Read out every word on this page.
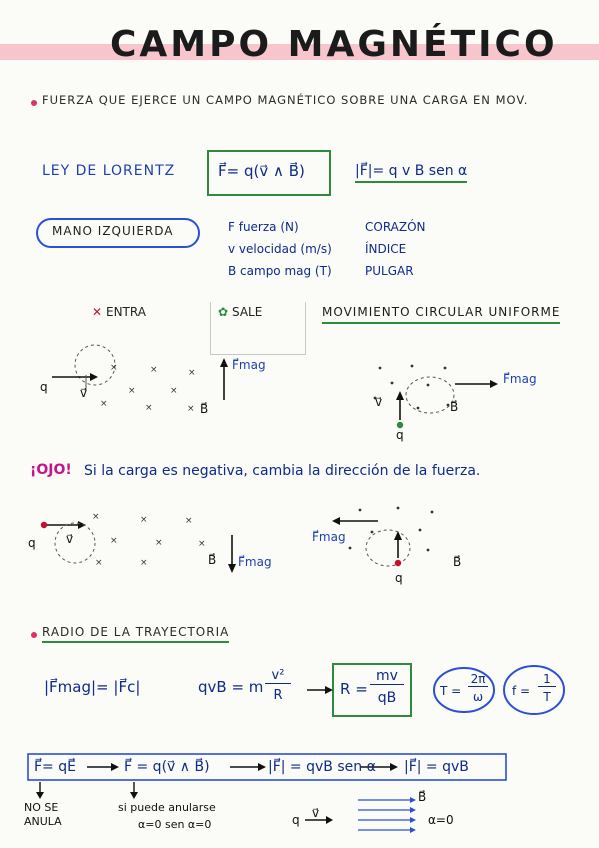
CAMPO MAGNÉTICO
FUERZA QUE EJERCE UN CAMPO MAGNÉTICO SOBRE UNA CARGA EN MOV.
LEY DE LORENTZ	F⃗= q(v⃗ ∧ B⃗)	|F⃗|= q v B sen α
MANO IZQUIERDA	F fuerza (N)	CORAZÓN
v velocidad (m/s)	ÍNDICE
B campo mag (T)	PULGAR
✕ ENTRA	✿ SALE	MOVIMIENTO CIRCULAR UNIFORME
×	×	×
×	×
×	×	×
×	×	×
×	×	×
×	×
F⃗mag
q	v⃗
B⃗
F⃗mag
v⃗	B⃗
q
¡OJO! Si la carga es negativa, cambia la dirección de la fuerza.
q	v⃗
B⃗ F⃗mag
F⃗mag
q
B⃗
RADIO DE LA TRAYECTORIA
|F⃗mag|= |F⃗c|	qvB = m
v²
R	R =
mv
qB	T =
2π
ω	f =
1
T
F⃗= qE⃗	F⃗ = q(v⃗ ∧ B⃗)	|F⃗| = qvB sen α |F⃗| = qvB
NO SE
ANULA
si puede anularse
α=0 sen α=0	q v⃗
B⃗
α=0
